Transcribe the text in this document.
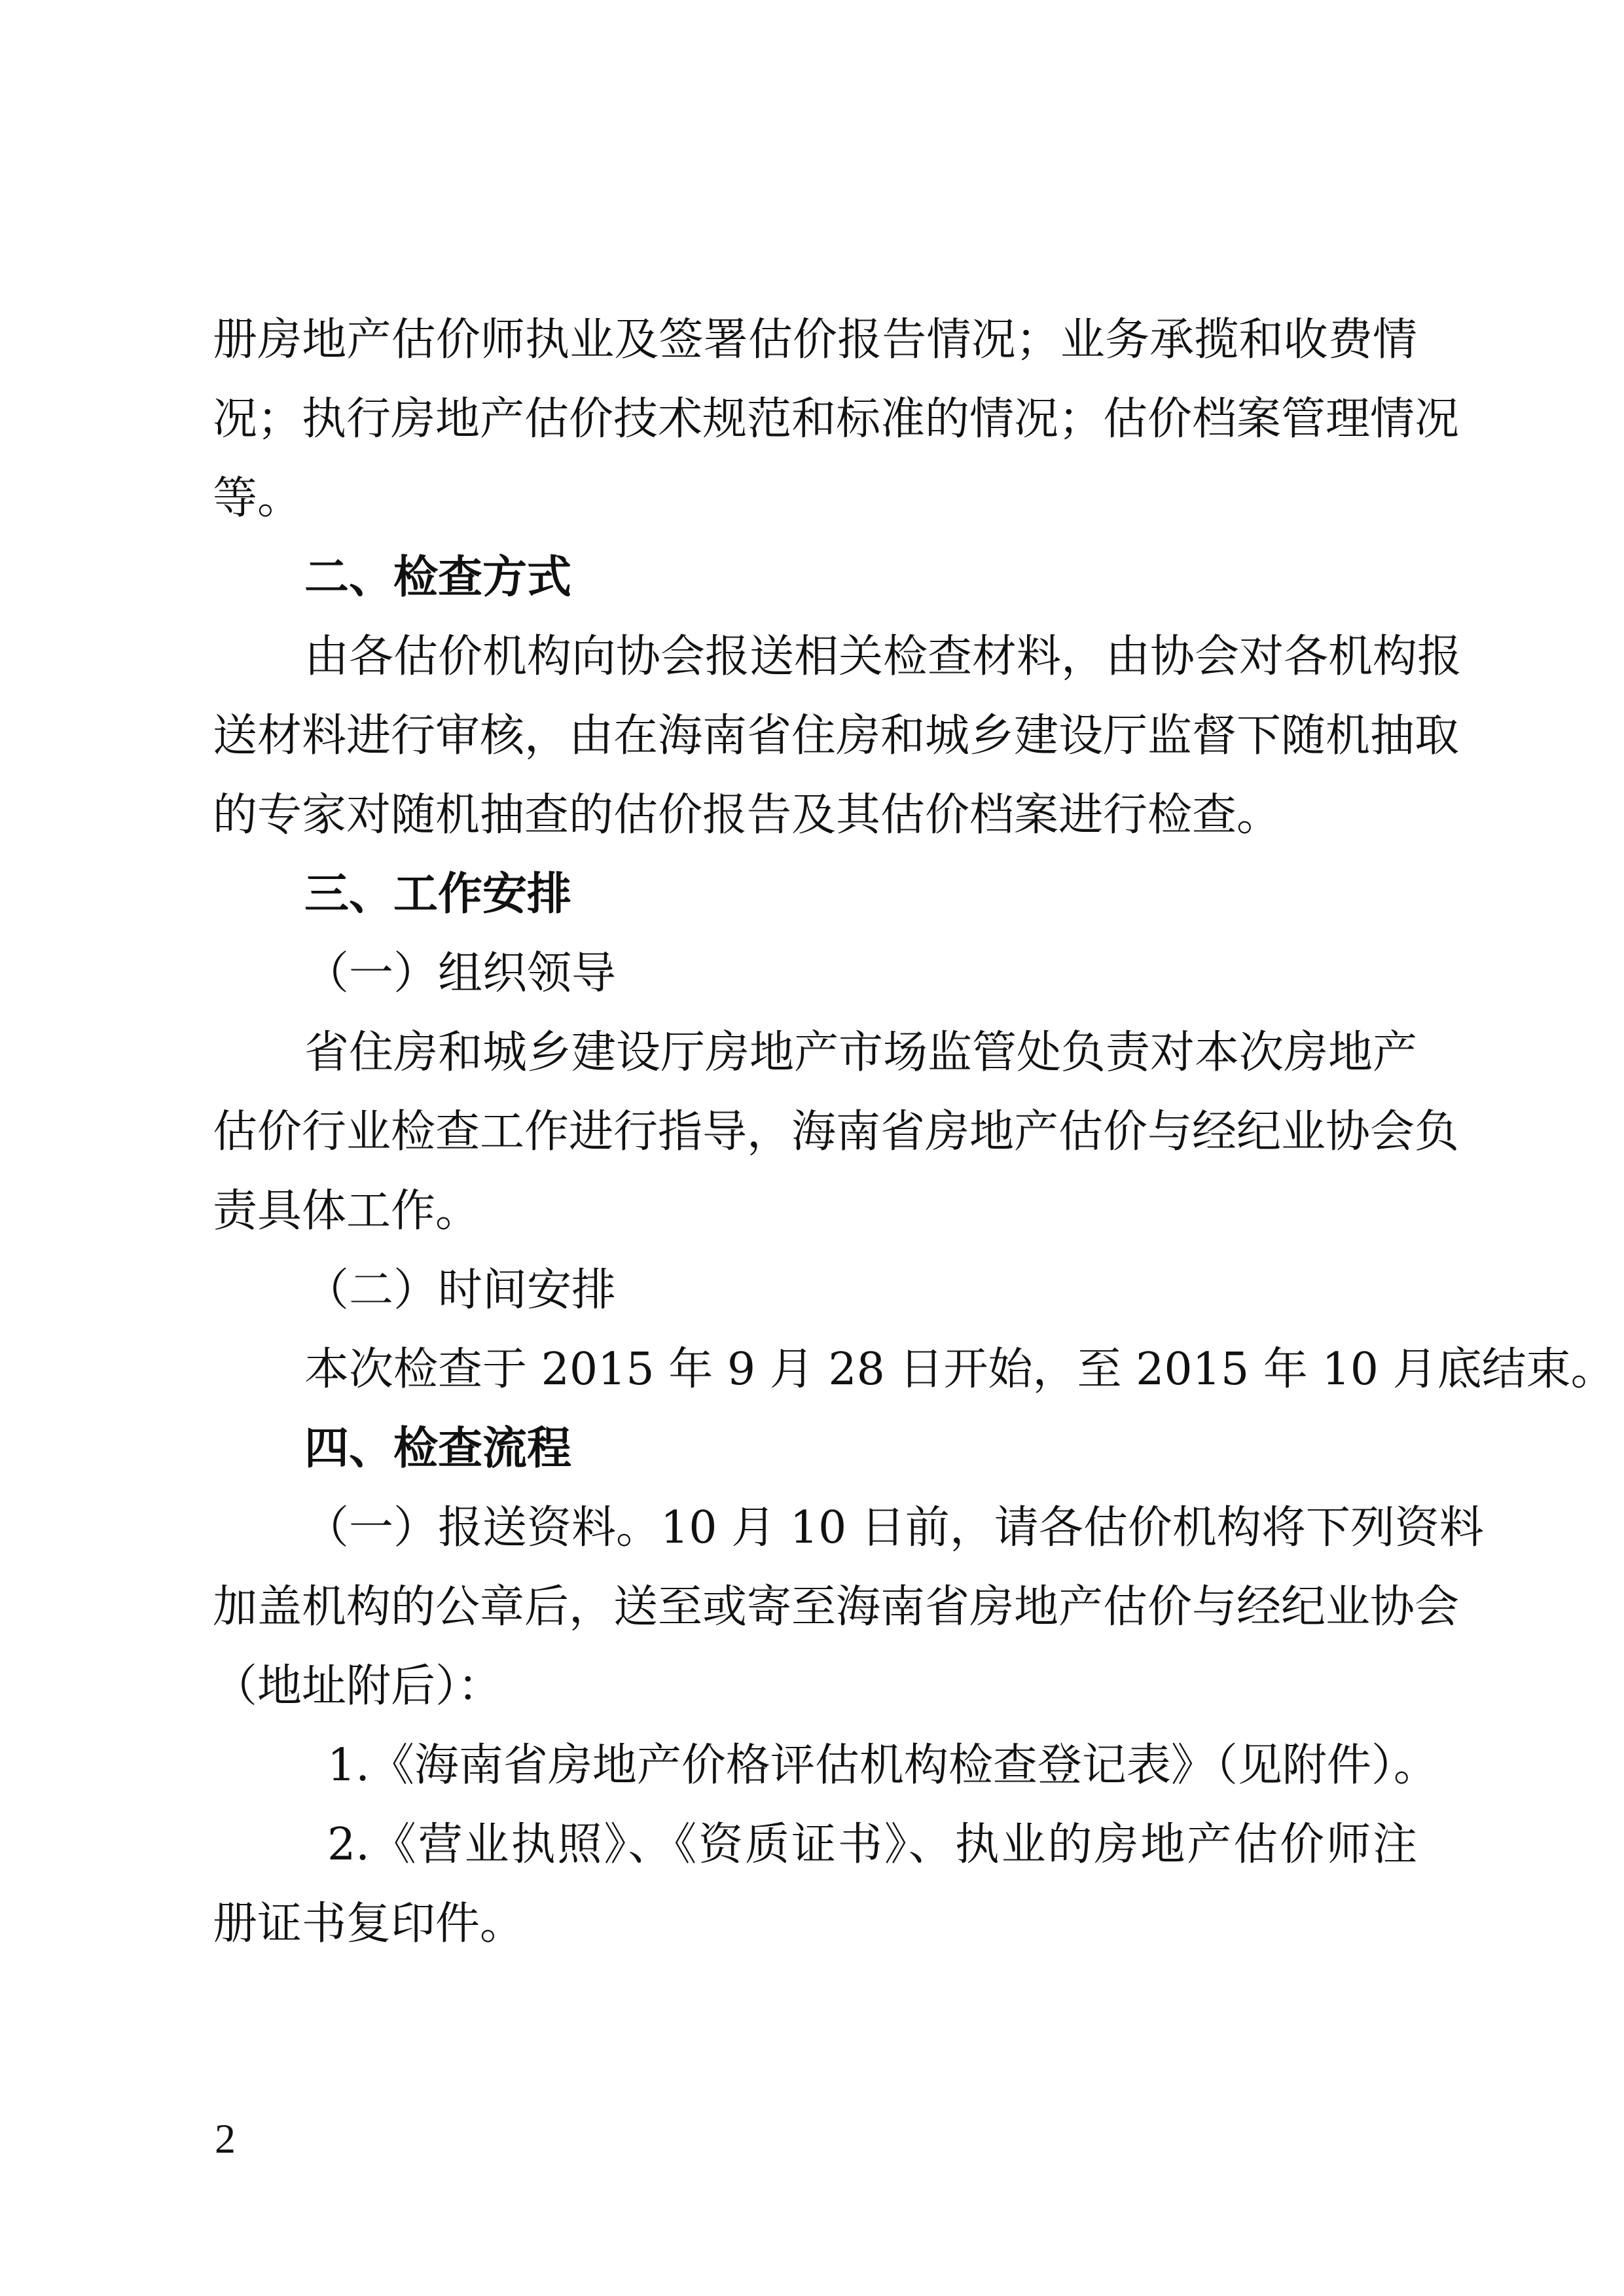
册房地产估价师执业及签署估价报告情况；业务承揽和收费情
况；执行房地产估价技术规范和标准的情况；估价档案管理情况
等。
二、检查方式
由各估价机构向协会报送相关检查材料，由协会对各机构报
送材料进行审核，由在海南省住房和城乡建设厅监督下随机抽取
的专家对随机抽查的估价报告及其估价档案进行检查。
三、工作安排
（一）组织领导
省住房和城乡建设厅房地产市场监管处负责对本次房地产
估价行业检查工作进行指导，海南省房地产估价与经纪业协会负
责具体工作。
（二）时间安排
本次检查于 2015 年 9 月 28 日开始，至 2015 年 10 月底结束。
四、检查流程
（一）报送资料。10 月 10 日前，请各估价机构将下列资料
加盖机构的公章后，送至或寄至海南省房地产估价与经纪业协会
（地址附后）：
1.《海南省房地产价格评估机构检查登记表》（见附件）。
2.《营业执照》、《资质证书》、执业的房地产估价师注
册证书复印件。
2
